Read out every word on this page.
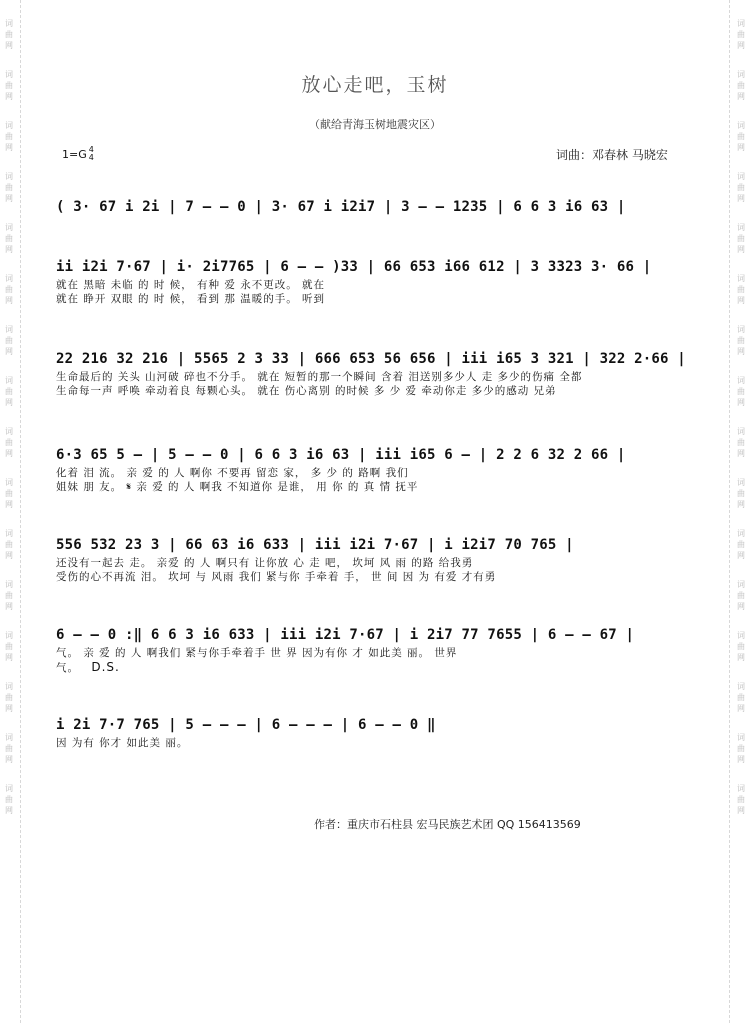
词
曲
网
词
曲
网
词
曲
网
词
曲
网
词
曲
网
词
曲
网
词
曲
网
词
曲
网
词
曲
网
词
曲
网
词
曲
网
词
曲
网
词
曲
网
词
曲
网
词
曲
网
词
曲
网
词
曲
网
词
曲
网
词
曲
网
词
曲
网
词
曲
网
词
曲
网
词
曲
网
词
曲
网
词
曲
网
词
曲
网
词
曲
网
词
曲
网
词
曲
网
词
曲
网
词
曲
网
词
曲
网
放心走吧，玉树
（献给青海玉树地震灾区）
1=G 4
4	词曲：邓春林 马晓宏
( 3· 67 i 2i | 7 — — 0 | 3· 67 i i2i7 | 3 — — 1235 | 6 6 3 i6 63 |
ii i2i 7·67 | i· 2i7765 | 6 — — )33 | 66 653 i66 612 | 3 3323 3· 66 |
就在 黑暗 未临 的 时 候， 有种 爱 永不更改。 就在
就在 睁开 双眼 的 时 候， 看到 那 温暖的手。 听到
22 216 32 216 | 5565 2 3 33 | 666 653 56 656 | iii i65 3 321 | 322 2·66 |
生命最后的 关头 山河破 碎也不分手。 就在 短暂的那一个瞬间 含着 泪送别多少人 走 多少的伤痛 全都
生命每一声 呼唤 牵动着良 每颗心头。 就在 伤心离别 的时候 多 少 爱 牵动你走 多少的感动 兄弟
6·3 65 5 — | 5 — — 0 | 6 6 3 i6 63 | iii i65 6 — | 2 2 6 32 2 66 |
化着 泪 流。 亲 爱 的 人 啊你 不要再 留恋 家， 多 少 的 路啊 我们
姐妹 朋 友。 𝄋 亲 爱 的 人 啊我 不知道你 是谁， 用 你 的 真 情 抚平
556 532 23 3 | 66 63 i6 633 | iii i2i 7·67 | i i2i7 70 765 |
还没有一起去 走。 亲爱 的 人 啊只有 让你放 心 走 吧， 坎坷 风 雨 的路 给我勇
受伤的心不再流 泪。 坎坷 与 风雨 我们 紧与你 手牵着 手， 世 间 因 为 有爱 才有勇
6 — — 0 :‖ 6 6 3 i6 633 | iii i2i 7·67 | i 2i7 77 7655 | 6 — — 67 |
气。 亲 爱 的 人 啊我们 紧与你手牵着手 世 界 因为有你 才 如此美 丽。 世界
气。 D.S.
i 2i 7·7 765 | 5 — — — | 6 — — — | 6 — — 0 ‖
因 为有 你才 如此美 丽。
作者：重庆市石柱县 宏马民族艺术团 QQ 156413569
